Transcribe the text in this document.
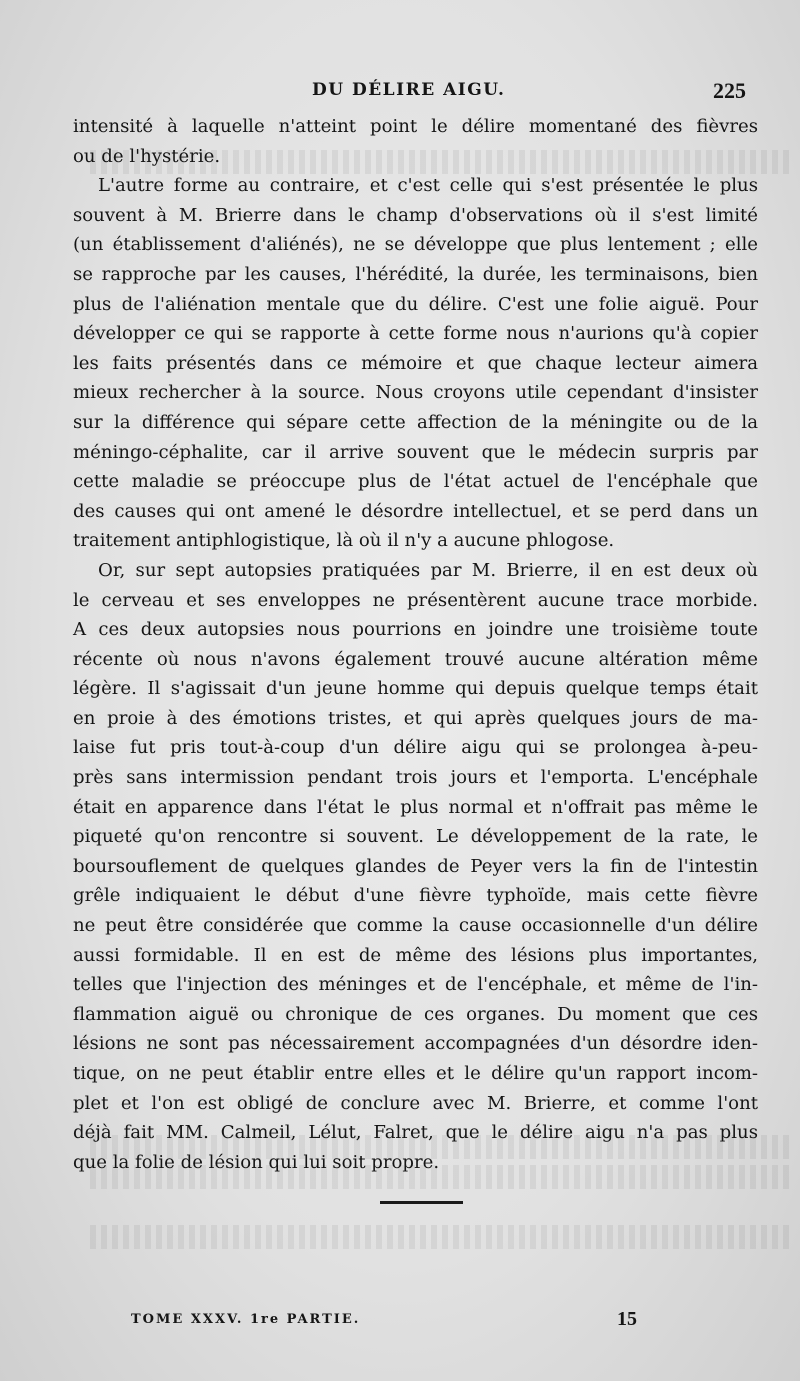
DU DÉLIRE AIGU.	225
intensité à laquelle n'atteint point le délire momentané des fièvres
ou de l'hystérie.
L'autre forme au contraire, et c'est celle qui s'est présentée le plus
souvent à M. Brierre dans le champ d'observations où il s'est limité
(un établissement d'aliénés), ne se développe que plus lentement ; elle
se rapproche par les causes, l'hérédité, la durée, les terminaisons, bien
plus de l'aliénation mentale que du délire. C'est une folie aiguë. Pour
développer ce qui se rapporte à cette forme nous n'aurions qu'à copier
les faits présentés dans ce mémoire et que chaque lecteur aimera
mieux rechercher à la source. Nous croyons utile cependant d'insister
sur la différence qui sépare cette affection de la méningite ou de la
méningo-céphalite, car il arrive souvent que le médecin surpris par
cette maladie se préoccupe plus de l'état actuel de l'encéphale que
des causes qui ont amené le désordre intellectuel, et se perd dans un
traitement antiphlogistique, là où il n'y a aucune phlogose.
Or, sur sept autopsies pratiquées par M. Brierre, il en est deux où
le cerveau et ses enveloppes ne présentèrent aucune trace morbide.
A ces deux autopsies nous pourrions en joindre une troisième toute
récente où nous n'avons également trouvé aucune altération même
légère. Il s'agissait d'un jeune homme qui depuis quelque temps était
en proie à des émotions tristes, et qui après quelques jours de ma-
laise fut pris tout-à-coup d'un délire aigu qui se prolongea à-peu-
près sans intermission pendant trois jours et l'emporta. L'encéphale
était en apparence dans l'état le plus normal et n'offrait pas même le
piqueté qu'on rencontre si souvent. Le développement de la rate, le
boursouflement de quelques glandes de Peyer vers la fin de l'intestin
grêle indiquaient le début d'une fièvre typhoïde, mais cette fièvre
ne peut être considérée que comme la cause occasionnelle d'un délire
aussi formidable. Il en est de même des lésions plus importantes,
telles que l'injection des méninges et de l'encéphale, et même de l'in-
flammation aiguë ou chronique de ces organes. Du moment que ces
lésions ne sont pas nécessairement accompagnées d'un désordre iden-
tique, on ne peut établir entre elles et le délire qu'un rapport incom-
plet et l'on est obligé de conclure avec M. Brierre, et comme l'ont
déjà fait MM. Calmeil, Lélut, Falret, que le délire aigu n'a pas plus
que la folie de lésion qui lui soit propre.
TOME XXXV. 1re PARTIE.	15
